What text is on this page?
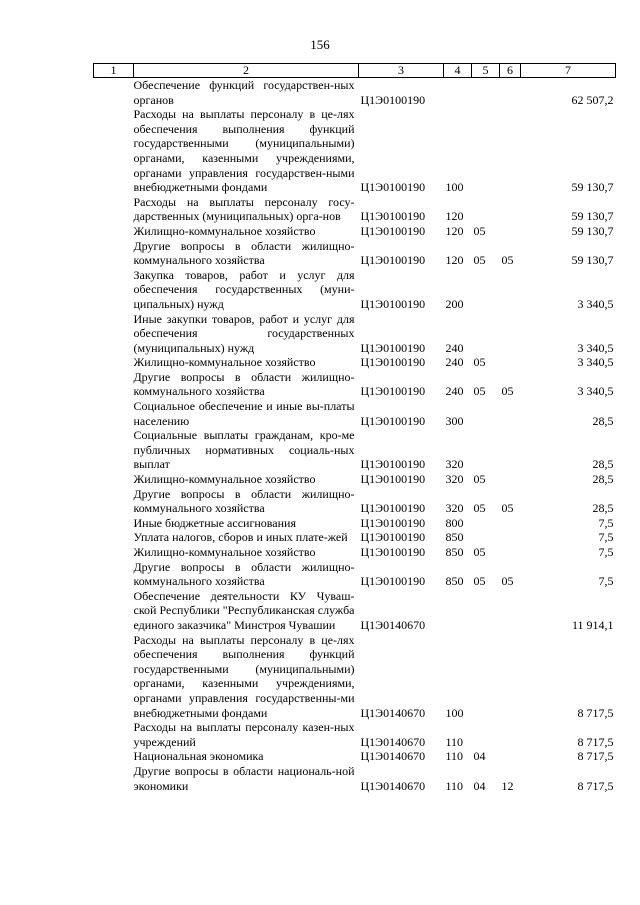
156
1	2	3	4	5	6	7
	Обеспечение функций государствен-ных органов	Ц1Э0100190				62 507,2
	Расходы на выплаты персоналу в це-лях обеспечения выполнения функций государственными (муниципальными) органами, казенными учреждениями, органами управления государствен-ными внебюджетными фондами	Ц1Э0100190	100			59 130,7
	Расходы на выплаты персоналу госу-дарственных (муниципальных) орга-нов	Ц1Э0100190	120			59 130,7
	Жилищно-коммунальное хозяйство	Ц1Э0100190	120	05		59 130,7
	Другие вопросы в области жилищно-коммунального хозяйства	Ц1Э0100190	120	05	05	59 130,7
	Закупка товаров, работ и услуг для обеспечения государственных (муни-ципальных) нужд	Ц1Э0100190	200			3 340,5
	Иные закупки товаров, работ и услуг для обеспечения государственных (муниципальных) нужд	Ц1Э0100190	240			3 340,5
	Жилищно-коммунальное хозяйство	Ц1Э0100190	240	05		3 340,5
	Другие вопросы в области жилищно-коммунального хозяйства	Ц1Э0100190	240	05	05	3 340,5
	Социальное обеспечение и иные вы-платы населению	Ц1Э0100190	300			28,5
	Социальные выплаты гражданам, кро-ме публичных нормативных социаль-ных выплат	Ц1Э0100190	320			28,5
	Жилищно-коммунальное хозяйство	Ц1Э0100190	320	05		28,5
	Другие вопросы в области жилищно-коммунального хозяйства	Ц1Э0100190	320	05	05	28,5
	Иные бюджетные ассигнования	Ц1Э0100190	800			7,5
	Уплата налогов, сборов и иных плате-жей	Ц1Э0100190	850			7,5
	Жилищно-коммунальное хозяйство	Ц1Э0100190	850	05		7,5
	Другие вопросы в области жилищно-коммунального хозяйства	Ц1Э0100190	850	05	05	7,5
	Обеспечение деятельности КУ Чуваш-ской Республики "Республиканская служба единого заказчика" Минстроя Чувашии	Ц1Э0140670				11 914,1
	Расходы на выплаты персоналу в це-лях обеспечения выполнения функций государственными (муниципальными) органами, казенными учреждениями, органами управления государственны-ми внебюджетными фондами	Ц1Э0140670	100			8 717,5
	Расходы на выплаты персоналу казен-ных учреждений	Ц1Э0140670	110			8 717,5
	Национальная экономика	Ц1Э0140670	110	04		8 717,5
	Другие вопросы в области националь-ной экономики	Ц1Э0140670	110	04	12	8 717,5
